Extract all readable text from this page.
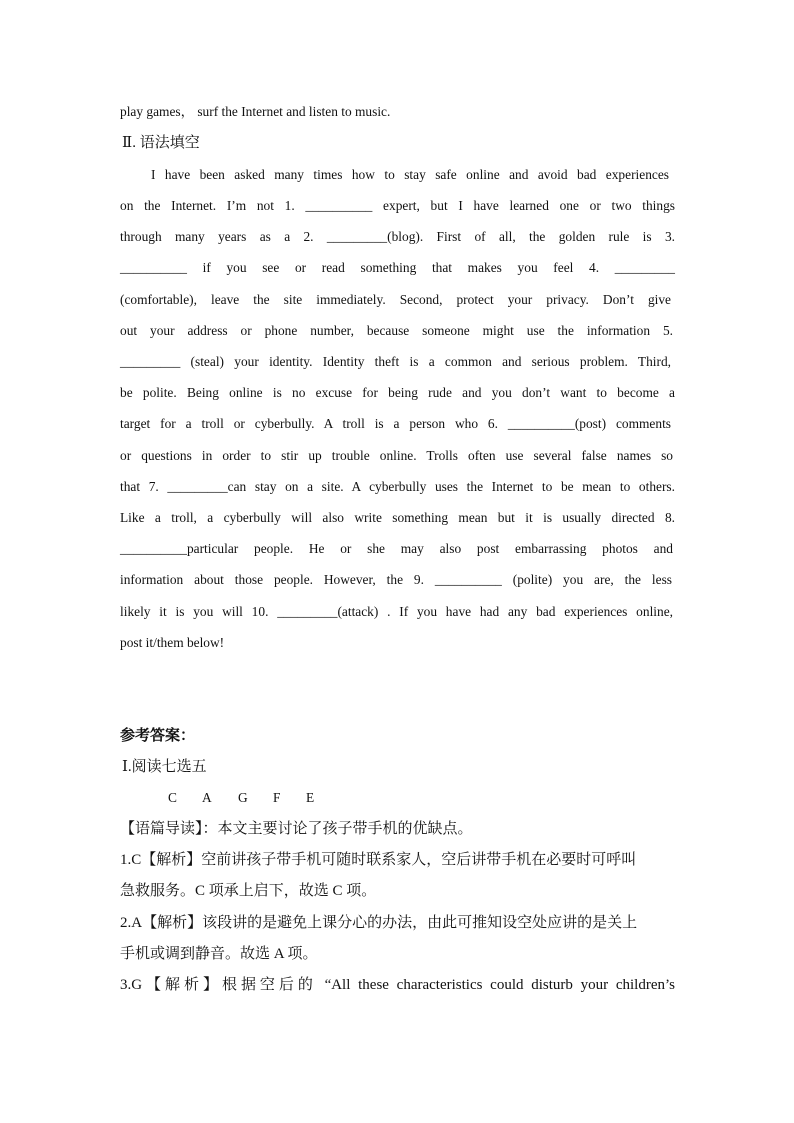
play games， surf the Internet and listen to music.
Ⅱ. 语法填空
I have been asked many times how to stay safe online and avoid bad experiences
on the Internet. I’m not 1. __________ expert, but I have learned one or two things
through many years as a 2. _________(blog). First of all, the golden rule is 3.
__________ if you see or read something that makes you feel 4. _________
(comfortable), leave the site immediately. Second, protect your privacy. Don’t give
out your address or phone number, because someone might use the information 5.
_________ (steal) your identity. Identity theft is a common and serious problem. Third,
be polite. Being online is no excuse for being rude and you don’t want to become a
target for a troll or cyberbully. A troll is a person who 6. __________(post) comments
or questions in order to stir up trouble online. Trolls often use several false names so
that 7. _________can stay on a site. A cyberbully uses the Internet to be mean to others.
Like a troll, a cyberbully will also write something mean but it is usually directed 8.
__________particular people. He or she may also post embarrassing photos and
information about those people. However, the 9. __________ (polite) you are, the less
likely it is you will 10. _________(attack) . If you have had any bad experiences online,
post it/them below!
参考答案：
Ⅰ.阅读七选五
C	A	G	F	E
【语篇导读】：本文主要讨论了孩子带手机的优缺点。
1.C【解析】空前讲孩子带手机可随时联系家人，空后讲带手机在必要时可呼叫
急救服务。C 项承上启下，故选 C 项。
2.A【解析】该段讲的是避免上课分心的办法，由此可推知设空处应讲的是关上
手机或调到静音。故选 A 项。
3.G【解析】根据空后的 “All these characteristics could disturb your children’s
